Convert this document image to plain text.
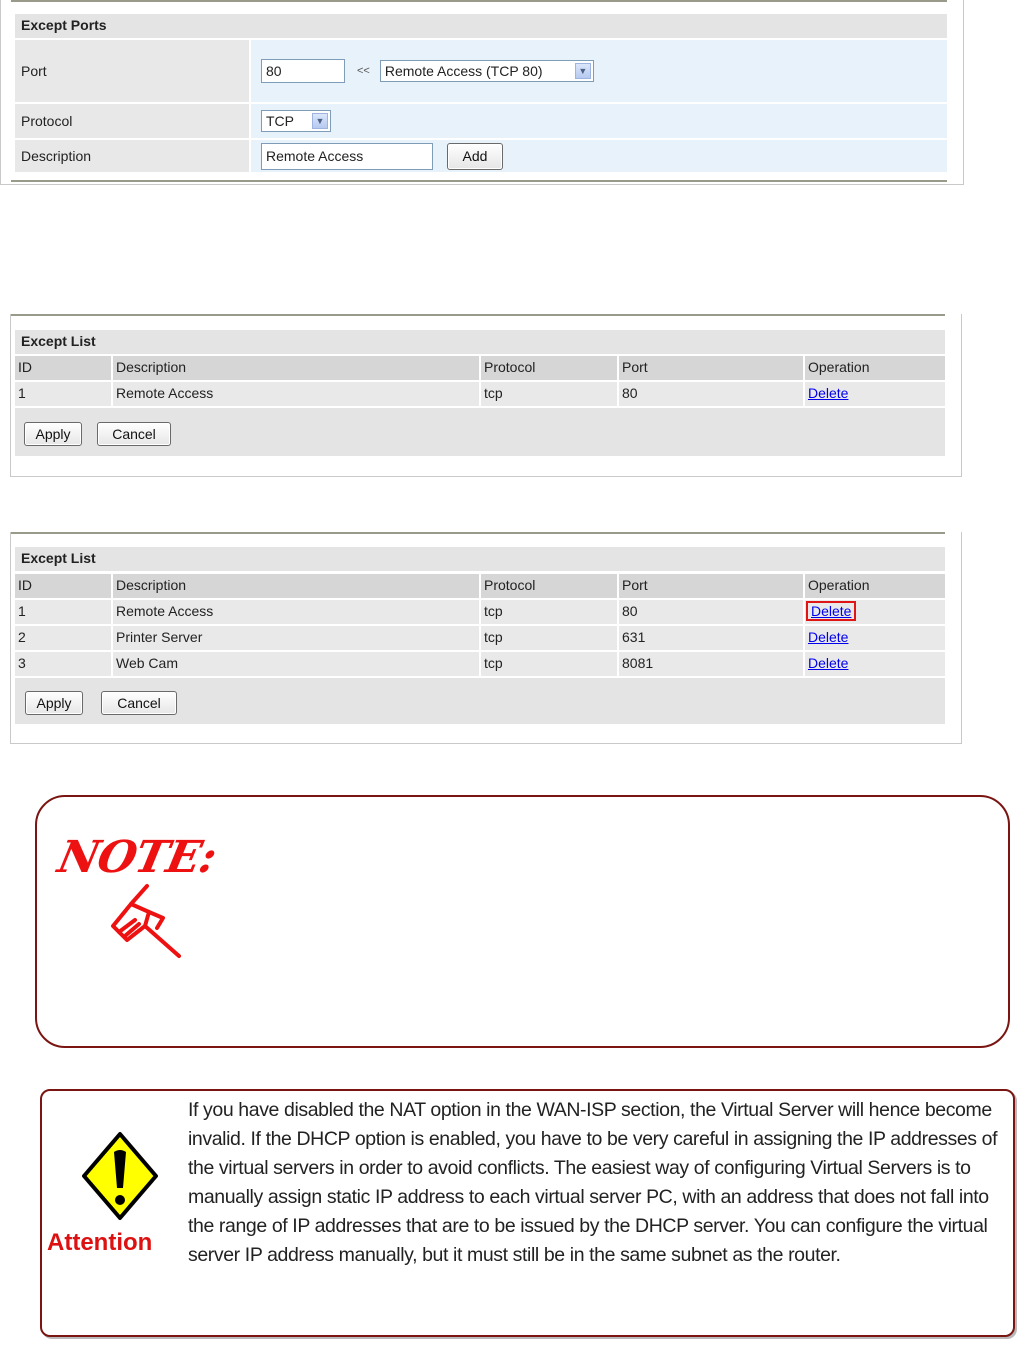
Except Ports
Port	80	<< Remote Access (TCP 80)	▼
Protocol	TCP	▼
Description	Remote Access	Add
Except List
ID	Description	Protocol	Port	Operation
1	Remote Access	tcp	80	Delete
Apply	Cancel
Except List
ID	Description	Protocol	Port	Operation
1	Remote Access	tcp	80	Delete
2	Printer Server	tcp	631	Delete
3	Web Cam	tcp	8081	Delete
Apply	Cancel
NOTE:
Attention
If you have disabled the NAT option in the WAN-ISP section, the Virtual Server will hence become invalid. If the DHCP option is enabled, you have to be very careful in assigning the IP addresses of the virtual servers in order to avoid conflicts. The easiest way of configuring Virtual Servers is to manually assign static IP address to each virtual server PC, with an address that does not fall into the range of IP addresses that are to be issued by the DHCP server. You can configure the virtual server IP address manually, but it must still be in the same subnet as the router.
